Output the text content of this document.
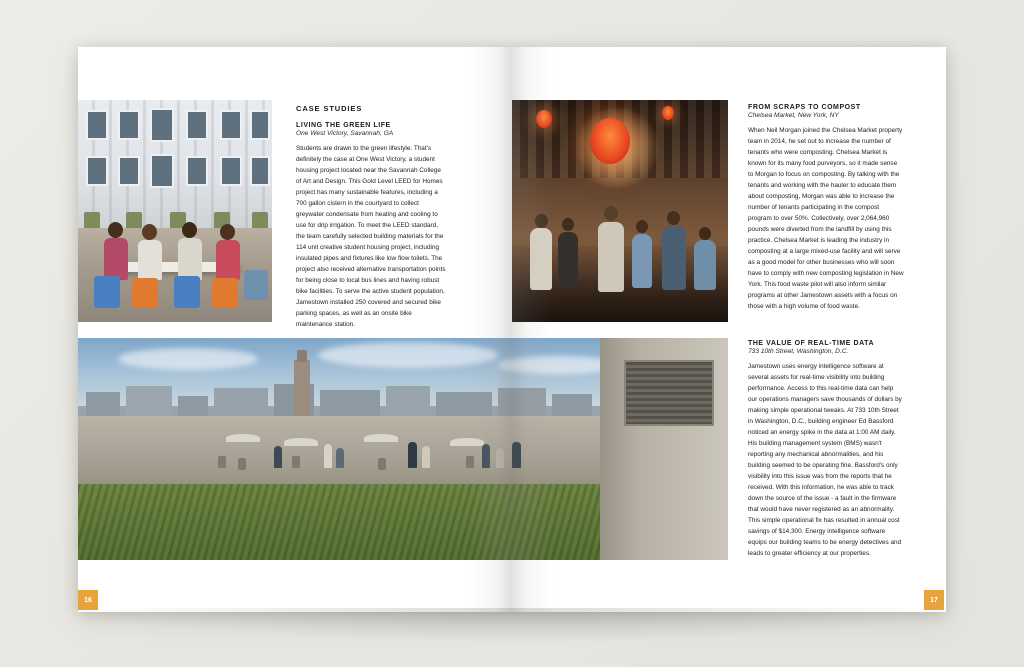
CASE STUDIES

LIVING THE GREEN LIFE

One West Victory, Savannah, GA

Students are drawn to the green lifestyle. That's definitely the case at One West Victory, a student housing project located near the Savannah College of Art and Design. This Gold Level LEED for Homes project has many sustainable features, including a 700 gallon cistern in the courtyard to collect greywater condensate from heating and cooling to use for drip irrigation. To meet the LEED standard, the team carefully selected building materials for the 114 unit creative student housing project, including insulated pipes and fixtures like low flow toilets. The project also received alternative transportation points for being close to local bus lines and having robust bike facilities. To serve the active student population, Jamestown installed 250 covered and secured bike parking spaces, as well as an onsite bike maintenance station.

FROM SCRAPS TO COMPOST

Chelsea Market, New York, NY

When Neil Morgan joined the Chelsea Market property team in 2014, he set out to increase the number of tenants who were composting. Chelsea Market is known for its many food purveyors, so it made sense to Morgan to focus on composting. By talking with the tenants and working with the hauler to educate them about composting, Morgan was able to increase the number of tenants participating in the compost program to over 50%. Collectively, over 2,064,960 pounds were diverted from the landfill by using this practice. Chelsea Market is leading the industry in composting at a large mixed-use facility and will serve as a good model for other businesses who will soon have to comply with new composting legislation in New York. This food waste pilot will also inform similar programs at other Jamestown assets with a focus on those with a high volume of food waste.

THE VALUE OF REAL-TIME DATA

733 10th Street, Washington, D.C.

Jamestown uses energy intelligence software at several assets for real-time visibility into building performance. Access to this real-time data can help our operations managers save thousands of dollars by making simple operational tweaks. At 733 10th Street in Washington, D.C., building engineer Ed Bassford noticed an energy spike in the data at 1:00 AM daily. His building management system (BMS) wasn't reporting any mechanical abnormalities, and his building seemed to be operating fine. Bassford's only visibility into this issue was from the reports that he received. With this information, he was able to track down the source of the issue - a fault in the firmware that would have never registered as an abnormality. This simple operational fix has resulted in annual cost savings of $14,300. Energy intelligence software equips our building teams to be energy detectives and leads to greater efficiency at our properties.

16	17
